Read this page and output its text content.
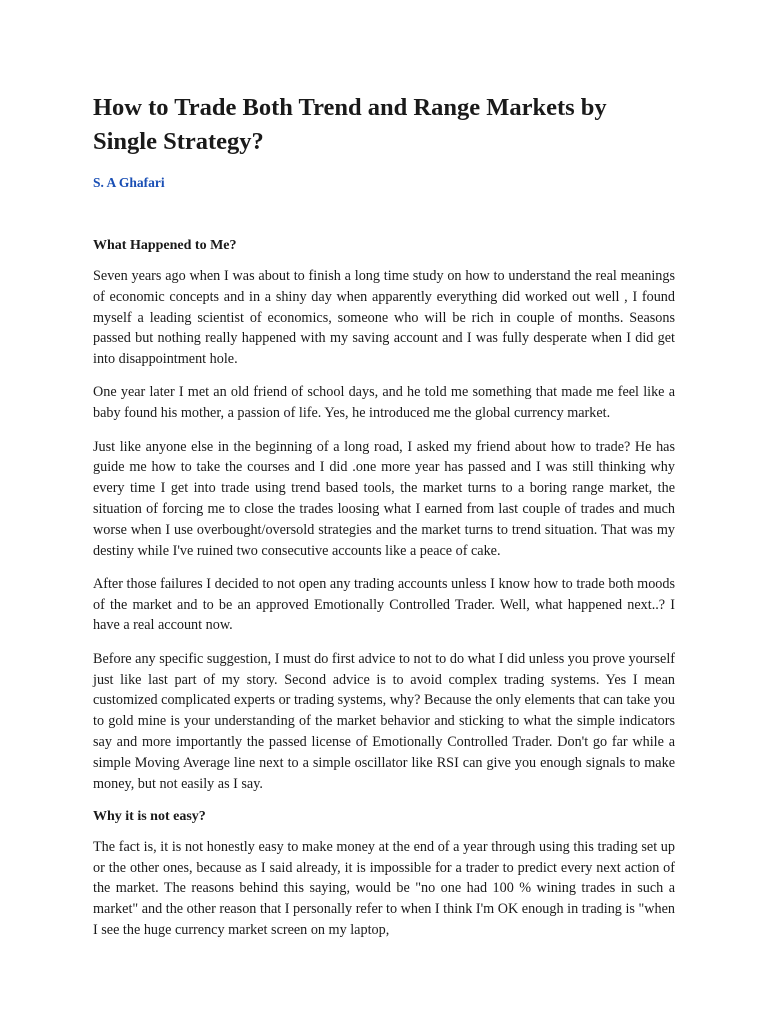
How to Trade Both Trend and Range Markets by Single Strategy?
S. A Ghafari
What Happened to Me?

Seven years ago when I was about to finish a long time study on how to understand the real meanings of economic concepts and in a shiny day when apparently everything did worked out well , I found myself a leading scientist of economics, someone who will be rich in couple of months. Seasons passed but nothing really happened with my saving account and I was fully desperate when I did get into disappointment hole.

One year later I met an old friend of school days, and he told me something that made me feel like a baby found his mother, a passion of life. Yes, he introduced me the global currency market.

Just like anyone else in the beginning of a long road, I asked my friend about how to trade? He has guide me how to take the courses and I did .one more year has passed and I was still thinking why every time I get into trade using trend based tools, the market turns to a boring range market, the situation of forcing me to close the trades loosing what I earned from last couple of trades and much worse when I use overbought/oversold strategies and the market turns to trend situation. That was my destiny while I've ruined two consecutive accounts like a peace of cake.

After those failures I decided to not open any trading accounts unless I know how to trade both moods of the market and to be an approved Emotionally Controlled Trader. Well, what happened next..? I have a real account now.

Before any specific suggestion, I must do first advice to not to do what I did unless you prove yourself just like last part of my story. Second advice is to avoid complex trading systems. Yes I mean customized complicated experts or trading systems, why? Because the only elements that can take you to gold mine is your understanding of the market behavior and sticking to what the simple indicators say and more importantly the passed license of Emotionally Controlled Trader. Don't go far while a simple Moving Average line next to a simple oscillator like RSI can give you enough signals to make money, but not easily as I say.

Why it is not easy?

The fact is, it is not honestly easy to make money at the end of a year through using this trading set up or the other ones, because as I said already, it is impossible for a trader to predict every next action of the market. The reasons behind this saying, would be "no one had 100 % wining trades in such a market" and the other reason that I personally refer to when I think I'm OK enough in trading is "when I see the huge currency market screen on my laptop,
